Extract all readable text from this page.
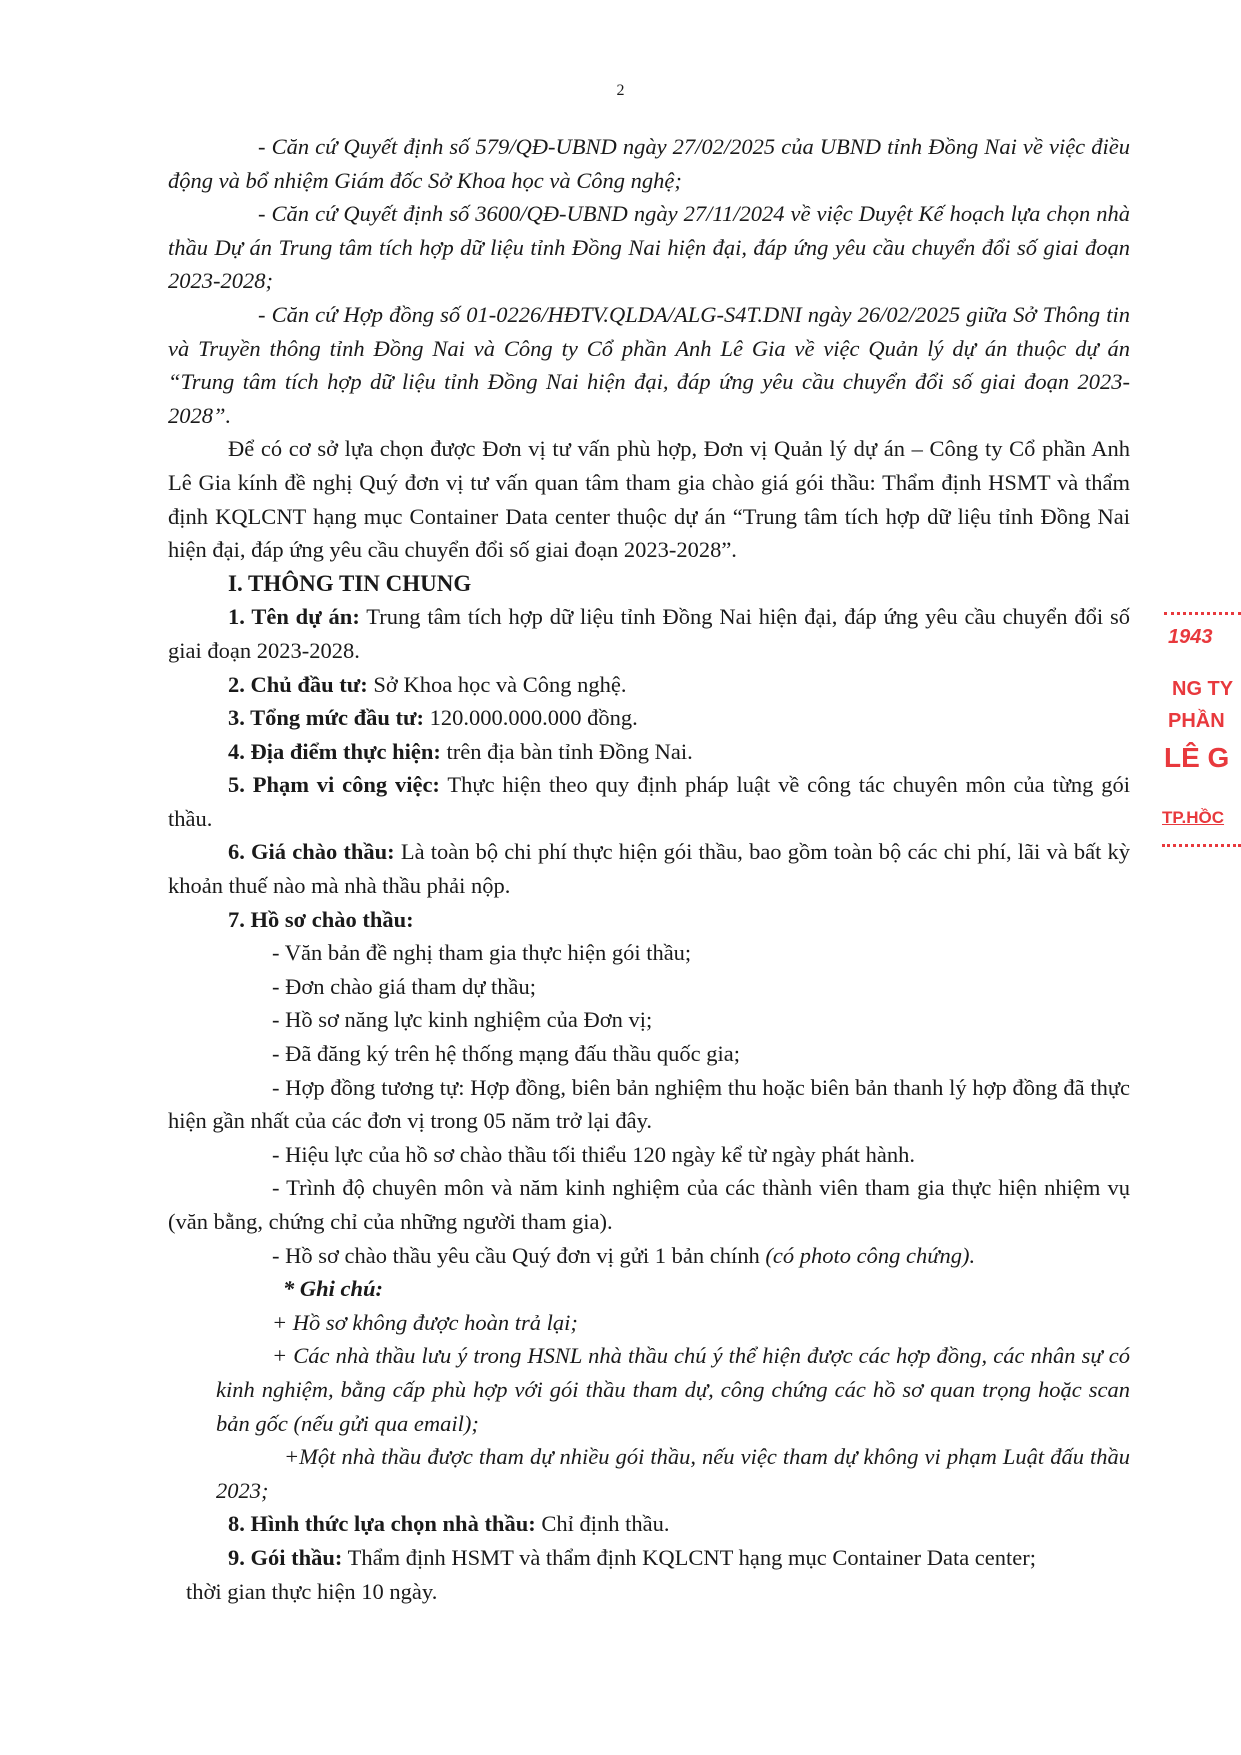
2

- Căn cứ Quyết định số 579/QĐ-UBND ngày 27/02/2025 của UBND tỉnh Đồng Nai về việc điều động và bổ nhiệm Giám đốc Sở Khoa học và Công nghệ;

- Căn cứ Quyết định số 3600/QĐ-UBND ngày 27/11/2024 về việc Duyệt Kế hoạch lựa chọn nhà thầu Dự án Trung tâm tích hợp dữ liệu tỉnh Đồng Nai hiện đại, đáp ứng yêu cầu chuyển đổi số giai đoạn 2023-2028;

- Căn cứ Hợp đồng số 01-0226/HĐTV.QLDA/ALG-S4T.DNI ngày 26/02/2025 giữa Sở Thông tin và Truyền thông tỉnh Đồng Nai và Công ty Cổ phần Anh Lê Gia về việc Quản lý dự án thuộc dự án “Trung tâm tích hợp dữ liệu tỉnh Đồng Nai hiện đại, đáp ứng yêu cầu chuyển đổi số giai đoạn 2023-2028”.

Để có cơ sở lựa chọn được Đơn vị tư vấn phù hợp, Đơn vị Quản lý dự án – Công ty Cổ phần Anh Lê Gia kính đề nghị Quý đơn vị tư vấn quan tâm tham gia chào giá gói thầu: Thẩm định HSMT và thẩm định KQLCNT hạng mục Container Data center thuộc dự án “Trung tâm tích hợp dữ liệu tỉnh Đồng Nai hiện đại, đáp ứng yêu cầu chuyển đổi số giai đoạn 2023-2028”.

I. THÔNG TIN CHUNG

1. Tên dự án: Trung tâm tích hợp dữ liệu tỉnh Đồng Nai hiện đại, đáp ứng yêu cầu chuyển đổi số giai đoạn 2023-2028.

2. Chủ đầu tư: Sở Khoa học và Công nghệ.

3. Tổng mức đầu tư: 120.000.000.000 đồng.

4. Địa điểm thực hiện: trên địa bàn tỉnh Đồng Nai.

5. Phạm vi công việc: Thực hiện theo quy định pháp luật về công tác chuyên môn của từng gói thầu.

6. Giá chào thầu: Là toàn bộ chi phí thực hiện gói thầu, bao gồm toàn bộ các chi phí, lãi và bất kỳ khoản thuế nào mà nhà thầu phải nộp.

7. Hồ sơ chào thầu:

- Văn bản đề nghị tham gia thực hiện gói thầu;

- Đơn chào giá tham dự thầu;

- Hồ sơ năng lực kinh nghiệm của Đơn vị;

- Đã đăng ký trên hệ thống mạng đấu thầu quốc gia;

- Hợp đồng tương tự: Hợp đồng, biên bản nghiệm thu hoặc biên bản thanh lý hợp đồng đã thực hiện gần nhất của các đơn vị trong 05 năm trở lại đây.

- Hiệu lực của hồ sơ chào thầu tối thiểu 120 ngày kể từ ngày phát hành.

- Trình độ chuyên môn và năm kinh nghiệm của các thành viên tham gia thực hiện nhiệm vụ (văn bằng, chứng chỉ của những người tham gia).

- Hồ sơ chào thầu yêu cầu Quý đơn vị gửi 1 bản chính (có photo công chứng).

* Ghi chú:

+ Hồ sơ không được hoàn trả lại;

+ Các nhà thầu lưu ý trong HSNL nhà thầu chú ý thể hiện được các hợp đồng, các nhân sự có kinh nghiệm, bằng cấp phù hợp với gói thầu tham dự, công chứng các hồ sơ quan trọng hoặc scan bản gốc (nếu gửi qua email);

+Một nhà thầu được tham dự nhiều gói thầu, nếu việc tham dự không vi phạm Luật đấu thầu 2023;

8. Hình thức lựa chọn nhà thầu: Chỉ định thầu.

9. Gói thầu: Thẩm định HSMT và thẩm định KQLCNT hạng mục Container Data center;

thời gian thực hiện 10 ngày.

1943
NG TY
PHẦN
LÊ G
TP.HỒC
